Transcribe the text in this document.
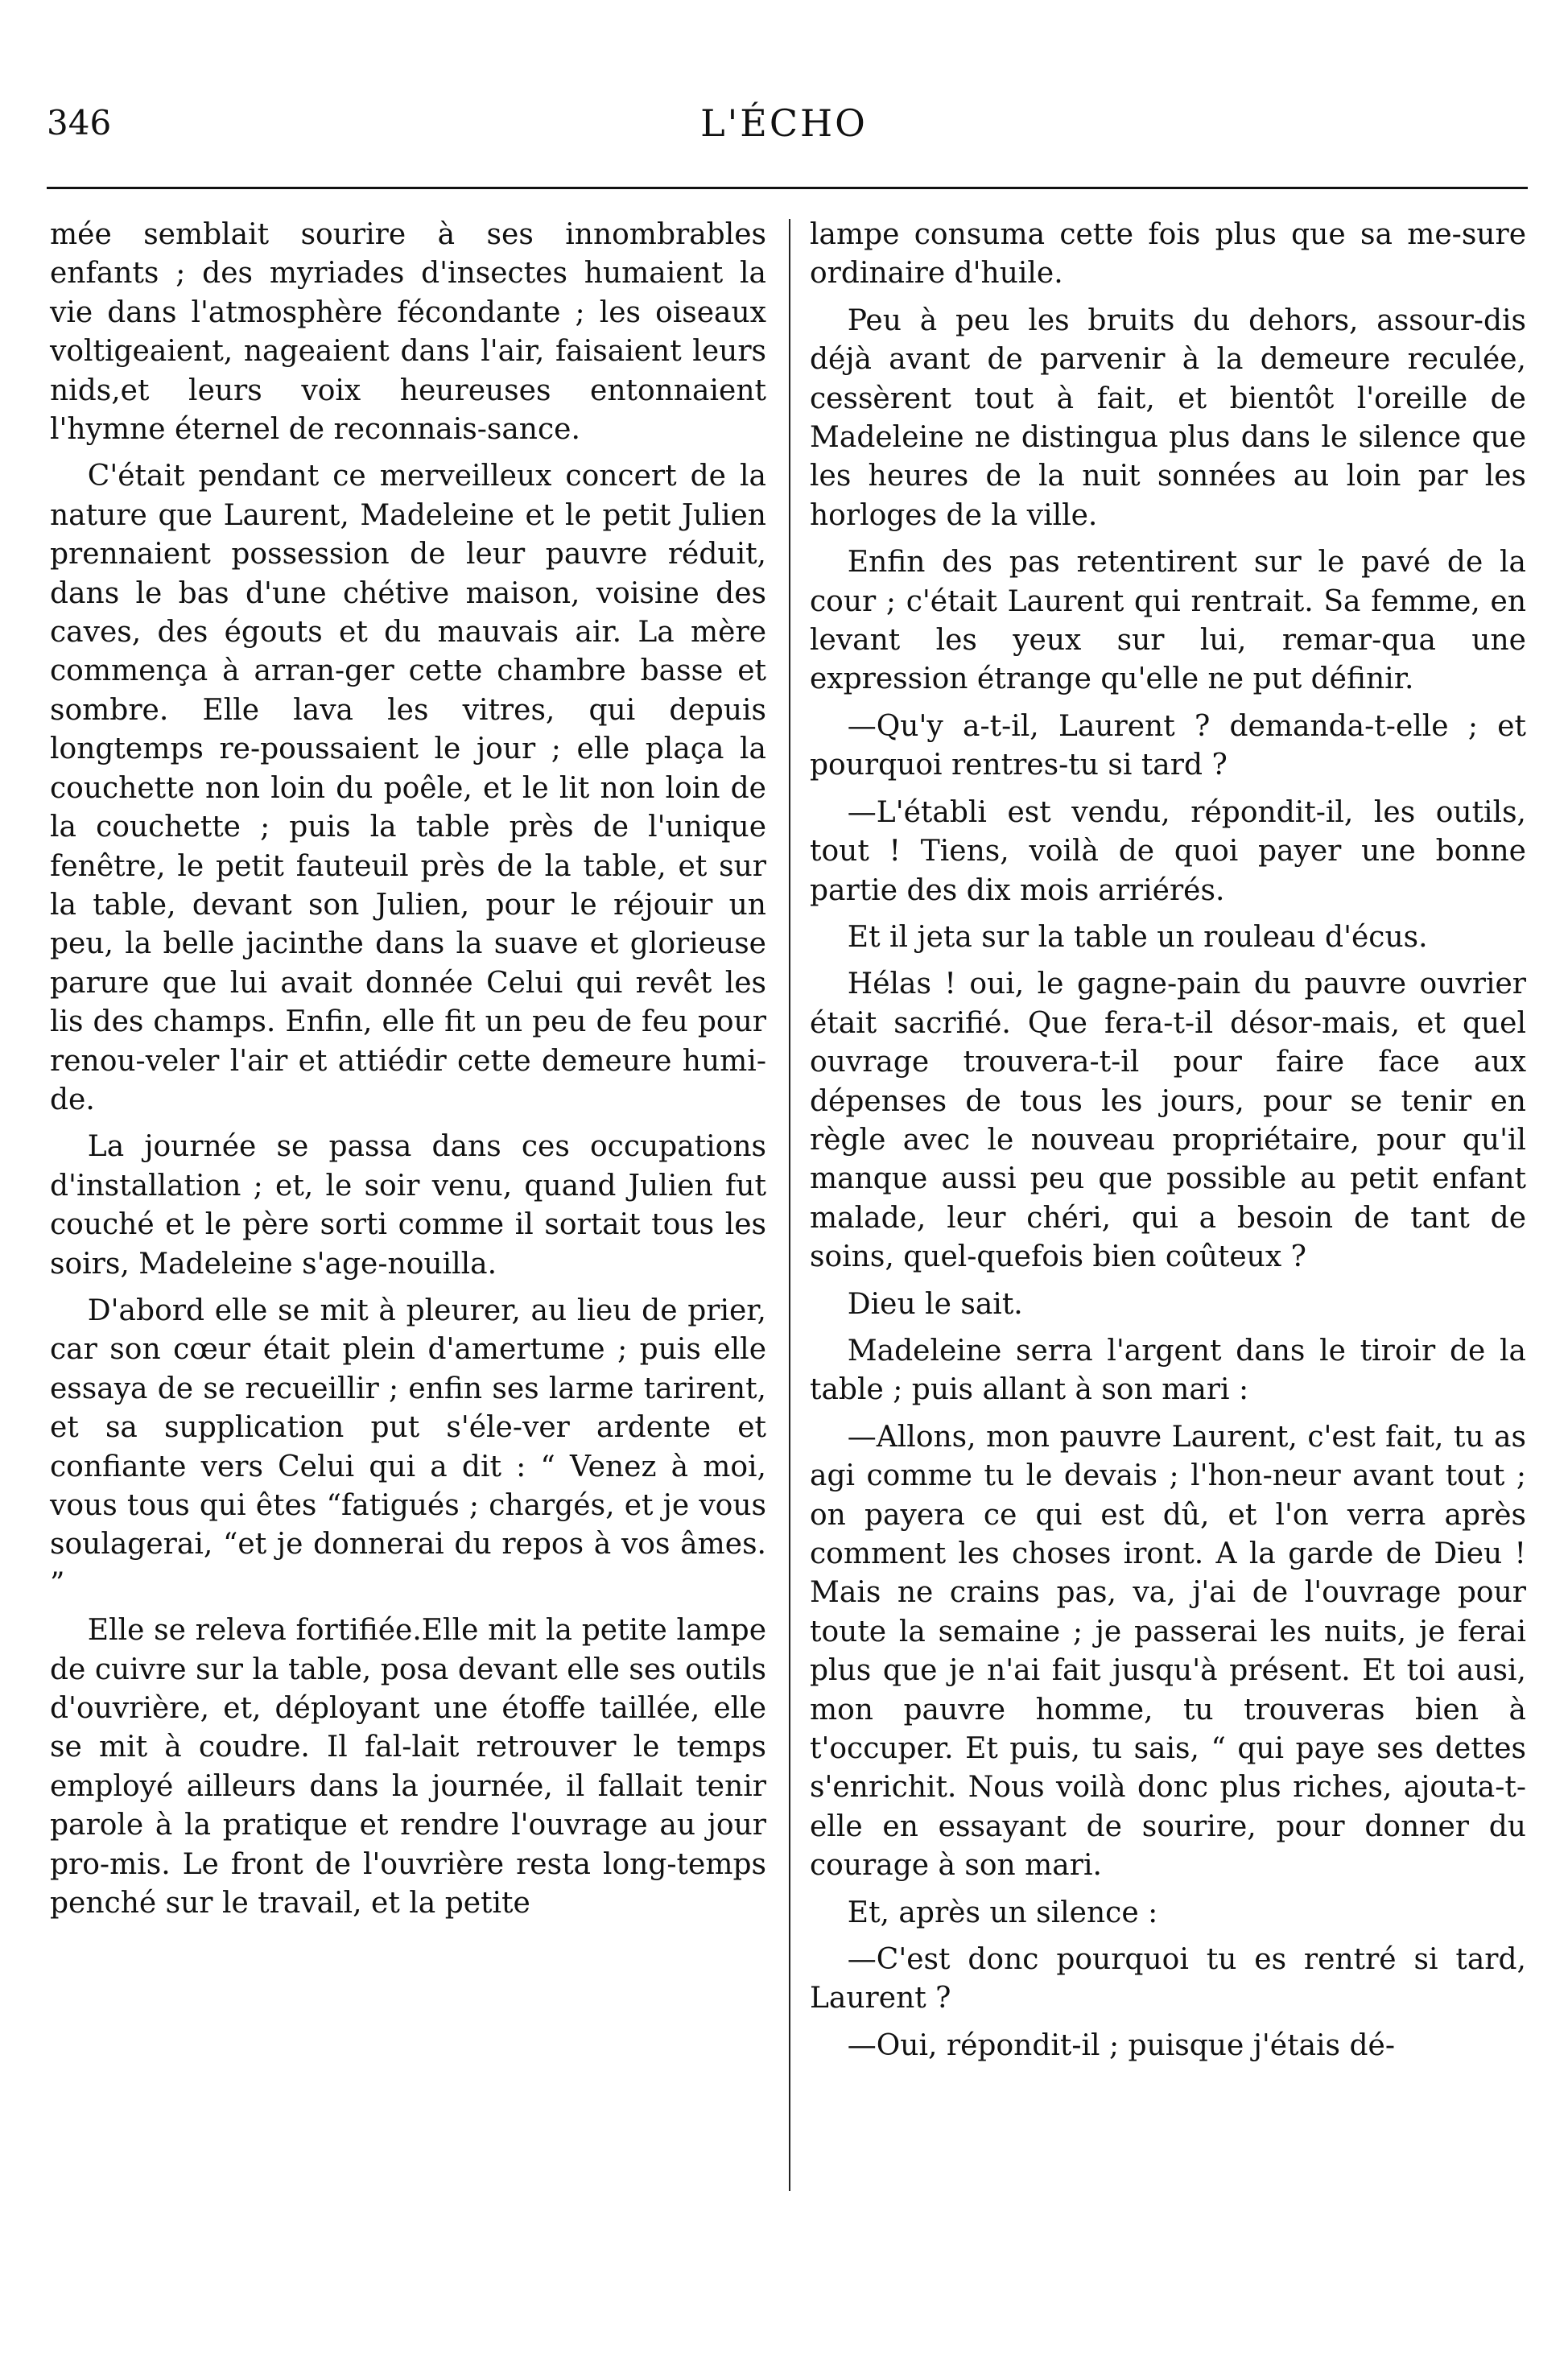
346	L'ÉCHO

mée semblait sourire à ses innombrables enfants ; des myriades d'insectes humaient la vie dans l'atmosphère fécondante ; les oiseaux voltigeaient, nageaient dans l'air, faisaient leurs nids,et leurs voix heureuses entonnaient l'hymne éternel de reconnais-sance.

C'était pendant ce merveilleux concert de la nature que Laurent, Madeleine et le petit Julien prennaient possession de leur pauvre réduit, dans le bas d'une chétive maison, voisine des caves, des égouts et du mauvais air. La mère commença à arran-ger cette chambre basse et sombre. Elle lava les vitres, qui depuis longtemps re-poussaient le jour ; elle plaça la couchette non loin du poêle, et le lit non loin de la couchette ; puis la table près de l'unique fenêtre, le petit fauteuil près de la table, et sur la table, devant son Julien, pour le réjouir un peu, la belle jacinthe dans la suave et glorieuse parure que lui avait donnée Celui qui revêt les lis des champs. Enfin, elle fit un peu de feu pour renou-veler l'air et attiédir cette demeure humi-de.

La journée se passa dans ces occupations d'installation ; et, le soir venu, quand Julien fut couché et le père sorti comme il sortait tous les soirs, Madeleine s'age-nouilla.

D'abord elle se mit à pleurer, au lieu de prier, car son cœur était plein d'amertume ; puis elle essaya de se recueillir ; enfin ses larme tarirent, et sa supplication put s'éle-ver ardente et confiante vers Celui qui a dit : “ Venez à moi, vous tous qui êtes “fatigués ; chargés, et je vous soulagerai, “et je donnerai du repos à vos âmes. ”

Elle se releva fortifiée.Elle mit la petite lampe de cuivre sur la table, posa devant elle ses outils d'ouvrière, et, déployant une étoffe taillée, elle se mit à coudre. Il fal-lait retrouver le temps employé ailleurs dans la journée, il fallait tenir parole à la pratique et rendre l'ouvrage au jour pro-mis. Le front de l'ouvrière resta long-temps penché sur le travail, et la petite

lampe consuma cette fois plus que sa me-sure ordinaire d'huile.

Peu à peu les bruits du dehors, assour-dis déjà avant de parvenir à la demeure reculée, cessèrent tout à fait, et bientôt l'oreille de Madeleine ne distingua plus dans le silence que les heures de la nuit sonnées au loin par les horloges de la ville.

Enfin des pas retentirent sur le pavé de la cour ; c'était Laurent qui rentrait. Sa femme, en levant les yeux sur lui, remar-qua une expression étrange qu'elle ne put définir.

—Qu'y a-t-il, Laurent ? demanda-t-elle ; et pourquoi rentres-tu si tard ?

—L'établi est vendu, répondit-il, les outils, tout ! Tiens, voilà de quoi payer une bonne partie des dix mois arriérés.

Et il jeta sur la table un rouleau d'écus.

Hélas ! oui, le gagne-pain du pauvre ouvrier était sacrifié. Que fera-t-il désor-mais, et quel ouvrage trouvera-t-il pour faire face aux dépenses de tous les jours, pour se tenir en règle avec le nouveau propriétaire, pour qu'il manque aussi peu que possible au petit enfant malade, leur chéri, qui a besoin de tant de soins, quel-quefois bien coûteux ?

Dieu le sait.

Madeleine serra l'argent dans le tiroir de la table ; puis allant à son mari :

—Allons, mon pauvre Laurent, c'est fait, tu as agi comme tu le devais ; l'hon-neur avant tout ; on payera ce qui est dû, et l'on verra après comment les choses iront. A la garde de Dieu ! Mais ne crains pas, va, j'ai de l'ouvrage pour toute la semaine ; je passerai les nuits, je ferai plus que je n'ai fait jusqu'à présent. Et toi ausi, mon pauvre homme, tu trouveras bien à t'occuper. Et puis, tu sais, “ qui paye ses dettes s'enrichit. Nous voilà donc plus riches, ajouta-t-elle en essayant de sourire, pour donner du courage à son mari.

Et, après un silence :

—C'est donc pourquoi tu es rentré si tard, Laurent ?

—Oui, répondit-il ; puisque j'étais dé-
